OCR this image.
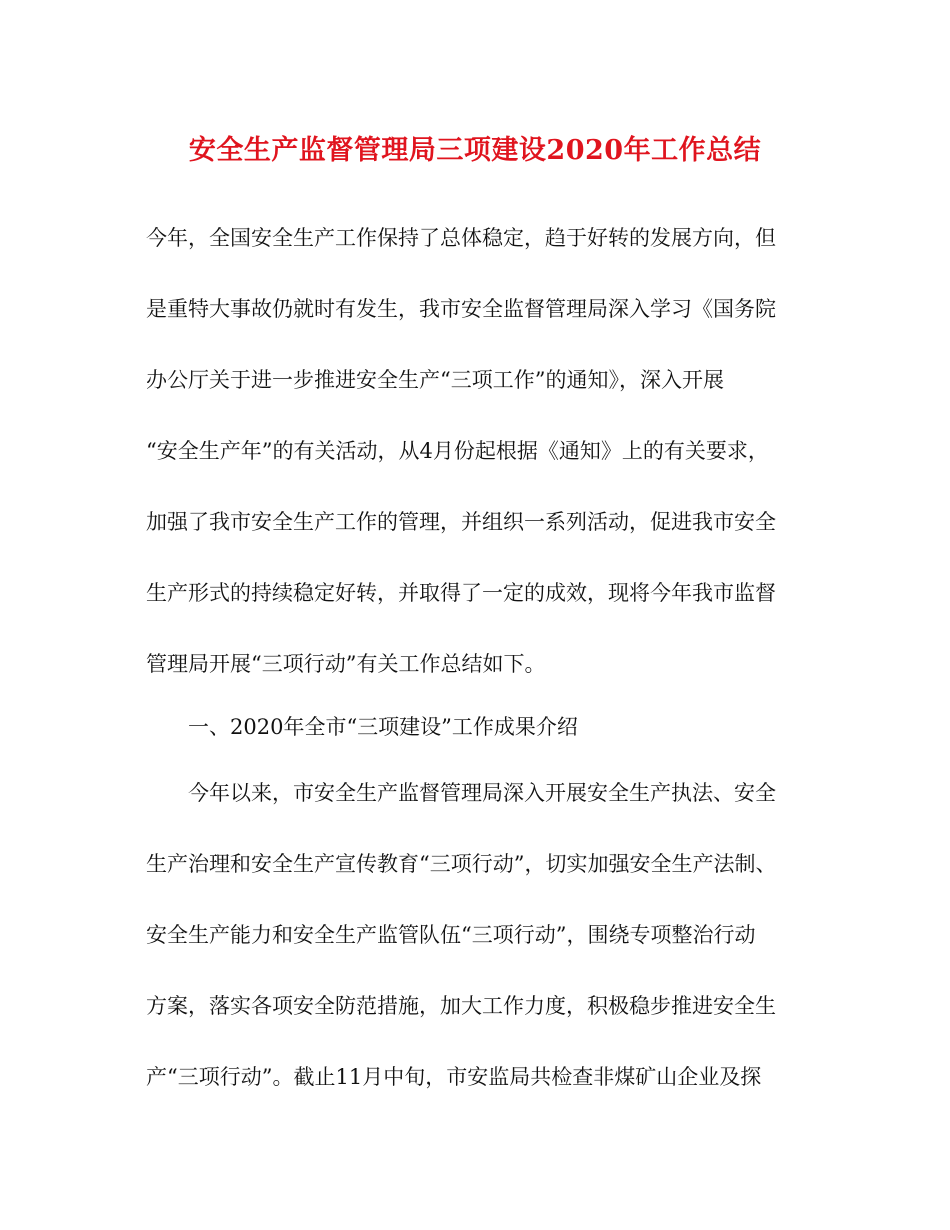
安全生产监督管理局三项建设2020年工作总结
今年，全国安全生产工作保持了总体稳定，趋于好转的发展方向，但
是重特大事故仍就时有发生，我市安全监督管理局深入学习《国务院
办公厅关于进一步推进安全生产“三项工作”的通知》，深入开展
“安全生产年”的有关活动，从4月份起根据《通知》上的有关要求，
加强了我市安全生产工作的管理，并组织一系列活动，促进我市安全
生产形式的持续稳定好转，并取得了一定的成效，现将今年我市监督
管理局开展“三项行动”有关工作总结如下。
一、2020年全市“三项建设”工作成果介绍
今年以来，市安全生产监督管理局深入开展安全生产执法、安全
生产治理和安全生产宣传教育“三项行动”，切实加强安全生产法制、
安全生产能力和安全生产监管队伍“三项行动”，围绕专项整治行动
方案，落实各项安全防范措施，加大工作力度，积极稳步推进安全生
产“三项行动”。截止11月中旬，市安监局共检查非煤矿山企业及探
